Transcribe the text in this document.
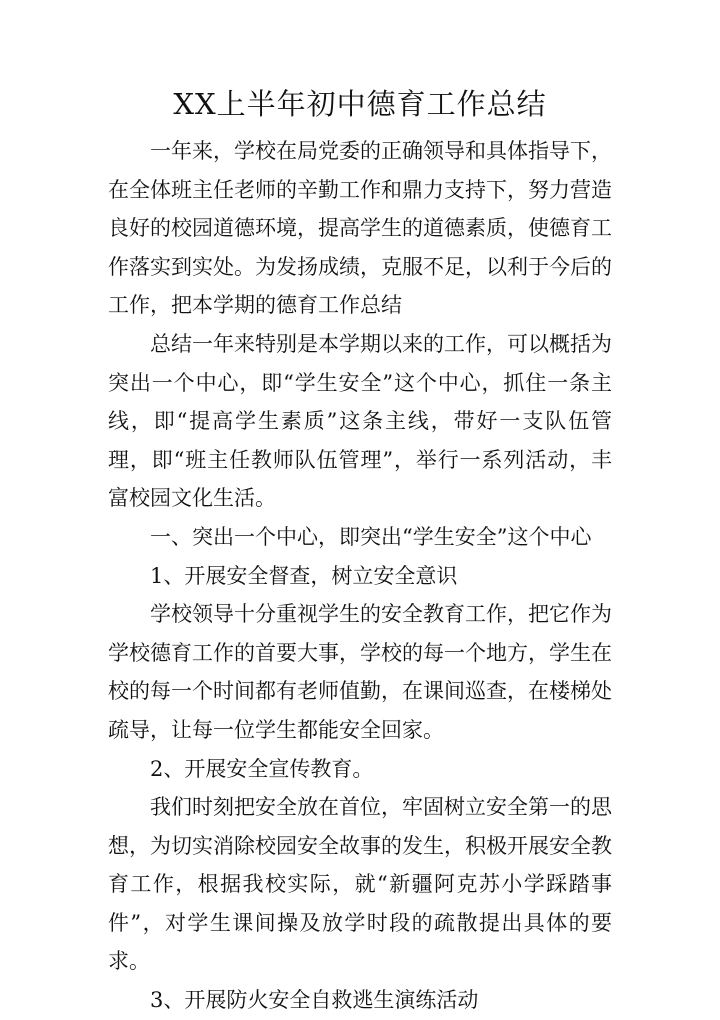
XX上半年初中德育工作总结

一年来，学校在局党委的正确领导和具体指导下，在全体班主任老师的辛勤工作和鼎力支持下，努力营造良好的校园道德环境，提高学生的道德素质，使德育工作落实到实处。为发扬成绩，克服不足，以利于今后的工作，把本学期的德育工作总结

总结一年来特别是本学期以来的工作，可以概括为突出一个中心，即“学生安全”这个中心，抓住一条主线，即“提高学生素质”这条主线，带好一支队伍管理，即“班主任教师队伍管理”，举行一系列活动，丰富校园文化生活。

一、突出一个中心，即突出“学生安全”这个中心

1、开展安全督查，树立安全意识

学校领导十分重视学生的安全教育工作，把它作为学校德育工作的首要大事，学校的每一个地方，学生在校的每一个时间都有老师值勤，在课间巡查，在楼梯处疏导，让每一位学生都能安全回家。

2、开展安全宣传教育。

我们时刻把安全放在首位，牢固树立安全第一的思想，为切实消除校园安全故事的发生，积极开展安全教育工作，根据我校实际，就“新疆阿克苏小学踩踏事件”，对学生课间操及放学时段的疏散提出具体的要求。

3、开展防火安全自救逃生演练活动
